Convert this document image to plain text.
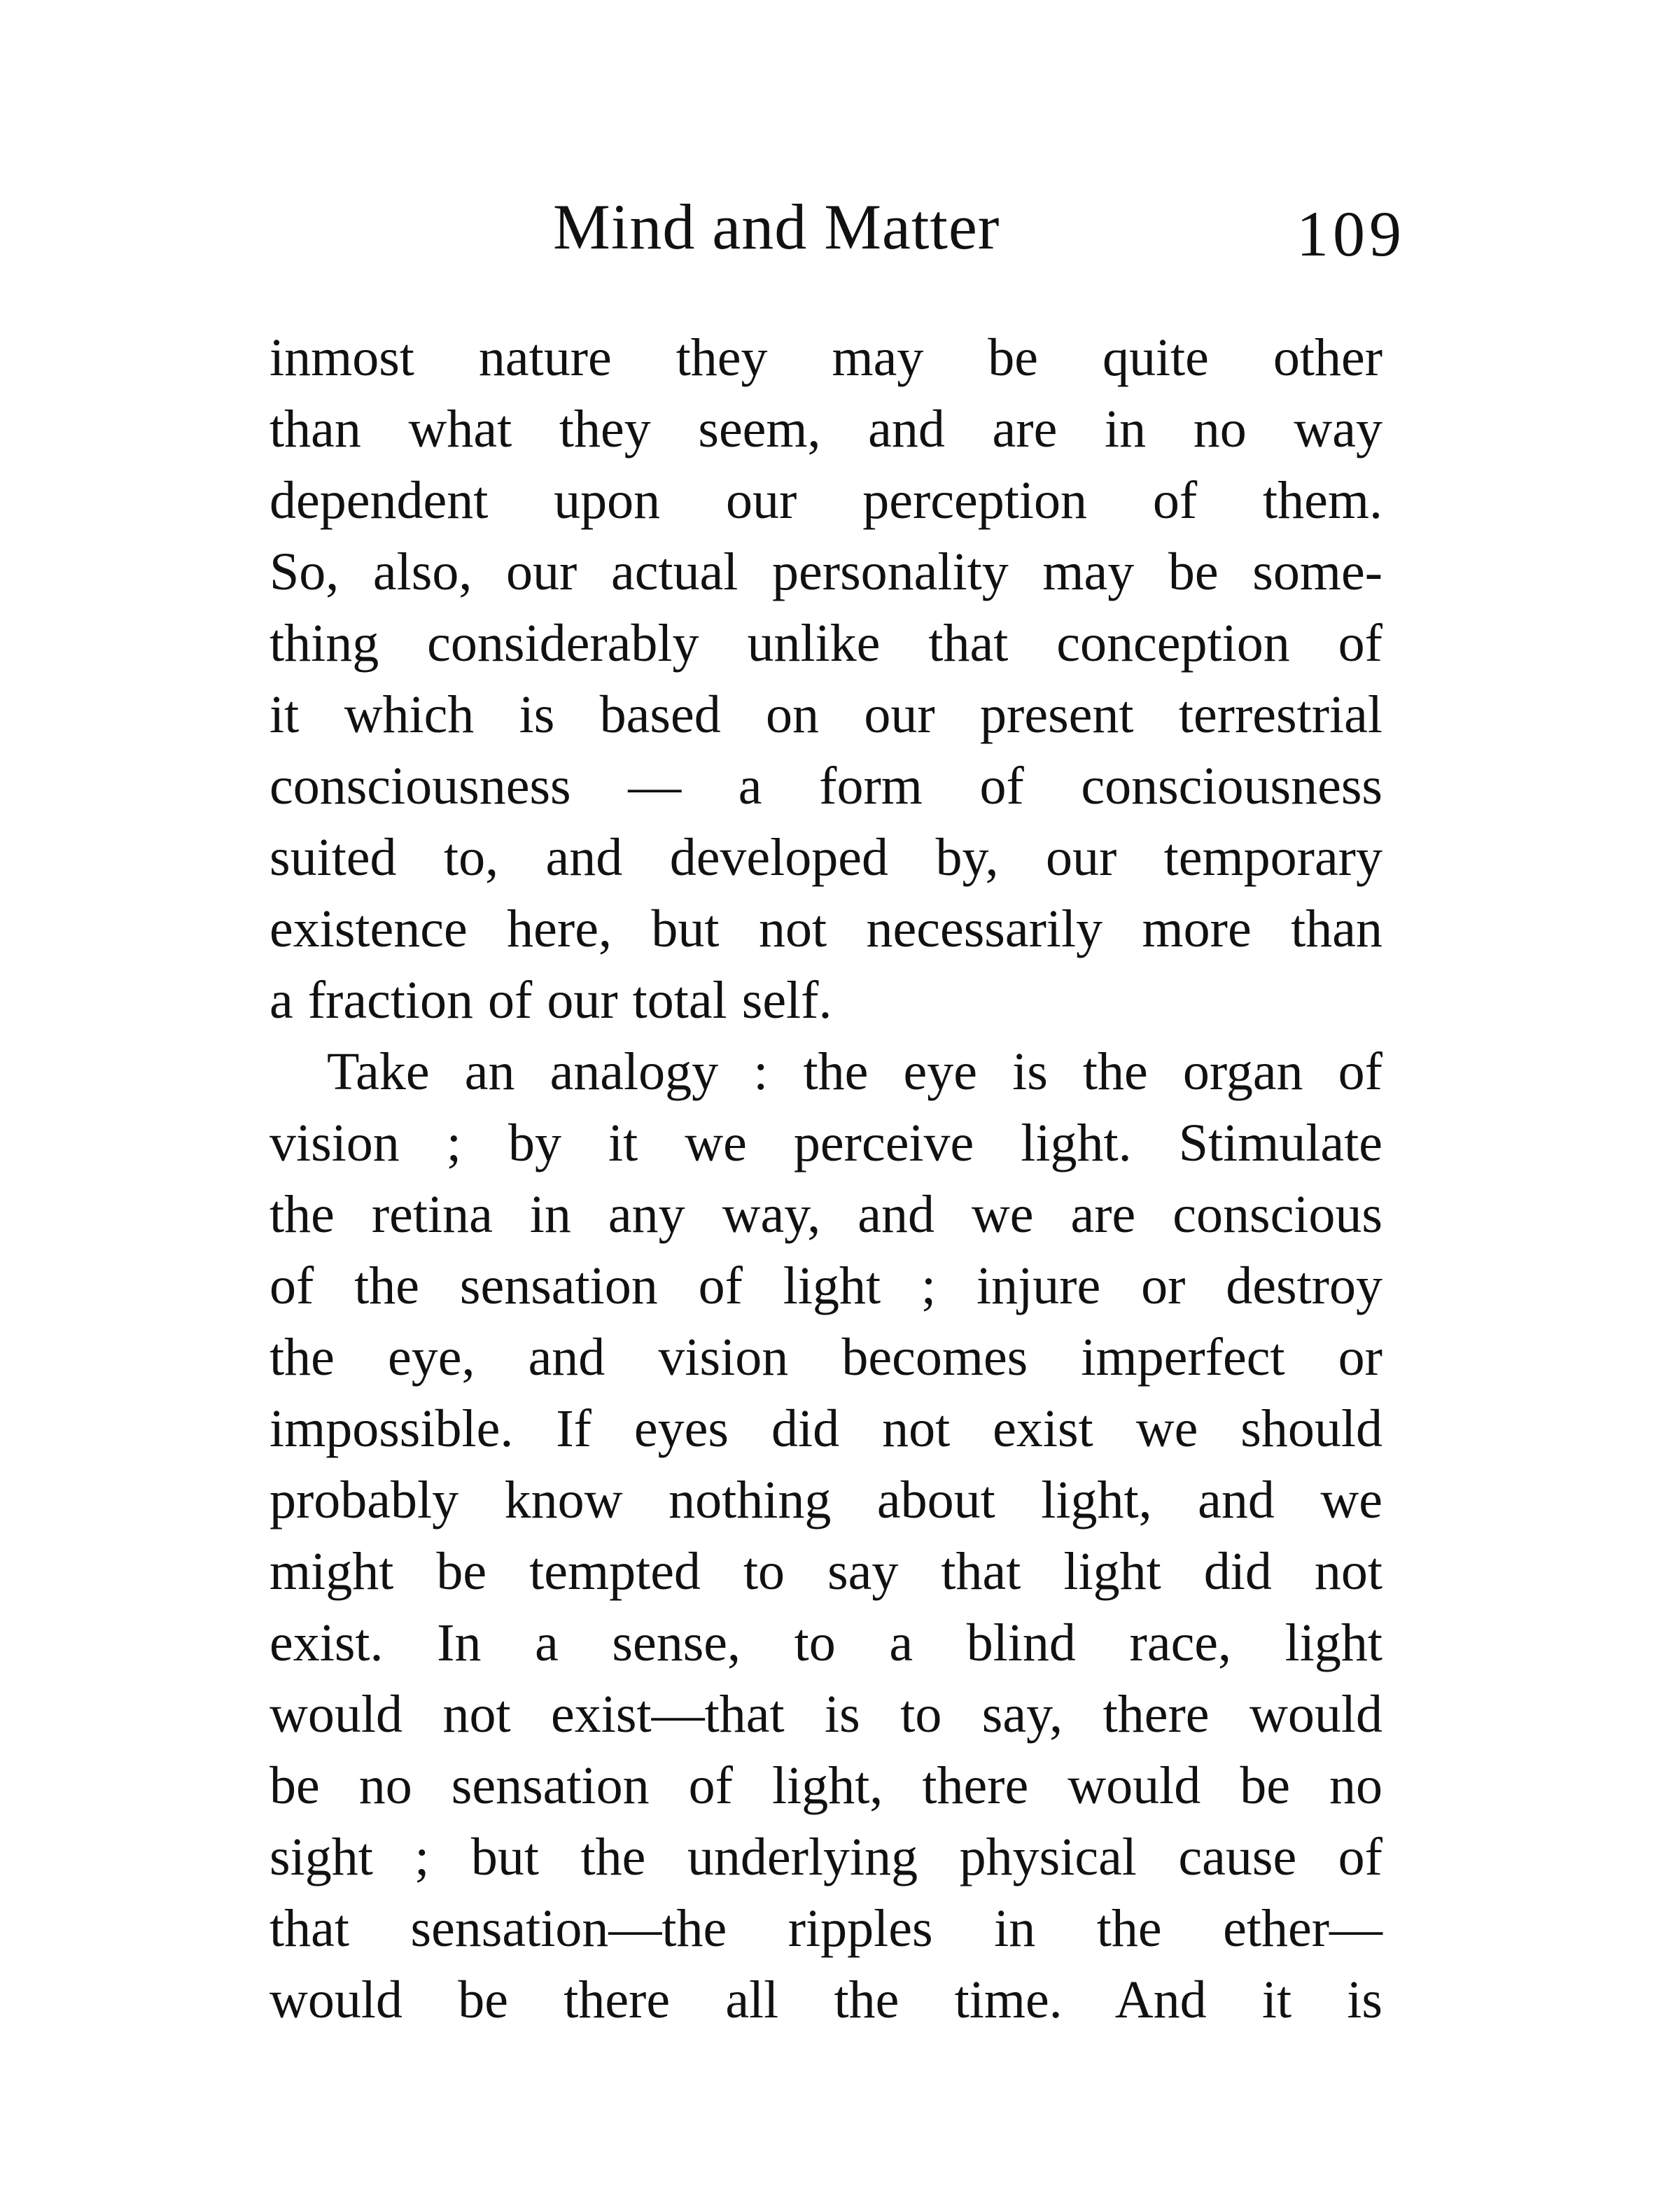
Mind and Matter	109
inmost nature they may be quite other
than what they seem, and are in no way
dependent upon our perception of them.
So, also, our actual personality may be some-
thing considerably unlike that conception of
it which is based on our present terrestrial
consciousness — a form of consciousness
suited to, and developed by, our temporary
existence here, but not necessarily more than
a fraction of our total self.
Take an analogy : the eye is the organ of
vision ; by it we perceive light. Stimulate
the retina in any way, and we are conscious
of the sensation of light ; injure or destroy
the eye, and vision becomes imperfect or
impossible. If eyes did not exist we should
probably know nothing about light, and we
might be tempted to say that light did not
exist. In a sense, to a blind race, light
would not exist—that is to say, there would
be no sensation of light, there would be no
sight ; but the underlying physical cause of
that sensation—the ripples in the ether—
would be there all the time. And it is
